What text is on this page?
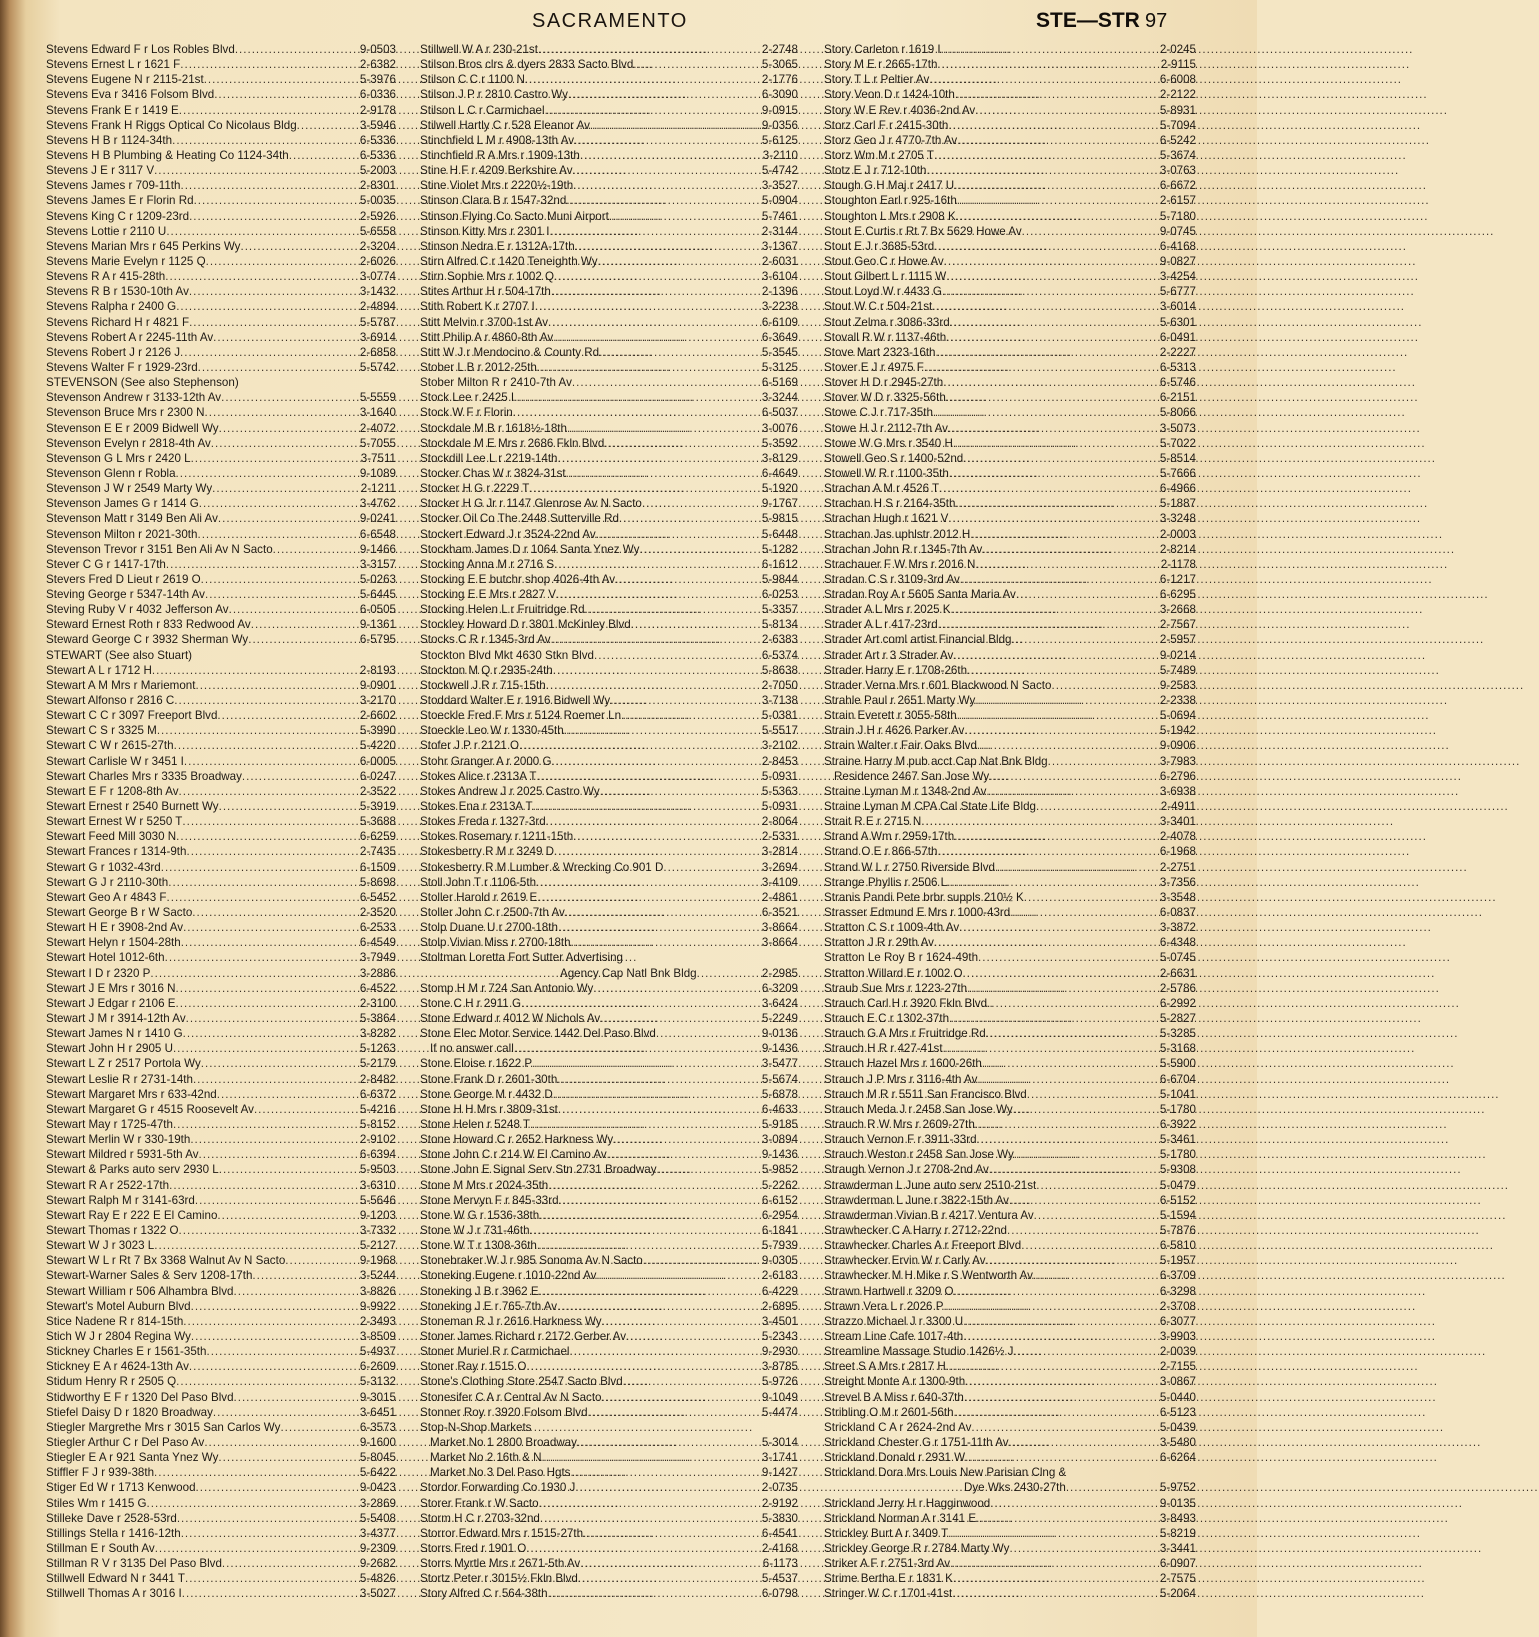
SACRAMENTO	STE—STR 97
Stevens Edward F r Los Robles Blvd .....	9-0503
Stevens Ernest L r 1621 F .....	2-6382
Stevens Eugene N r 2115-21st .....	5-3976
Stevens Eva r 3416 Folsom Blvd .....	6-0336
Stevens Frank E r 1419 E .....	2-9178
Stevens Frank H Riggs Optical Co Nicolaus Bldg .....	3-5946
Stevens H B r 1124-34th .....	6-5336
Stevens H B Plumbing & Heating Co 1124-34th .....	6-5336
Stevens J E r 3117 V .....	5-2003
Stevens James r 709-11th .....	2-8301
Stevens James E r Florin Rd .....	5-0035
Stevens King C r 1209-23rd .....	2-5926
Stevens Lottie r 2110 U .....	5-6558
Stevens Marian Mrs r 645 Perkins Wy .....	2-3204
Stevens Marie Evelyn r 1125 Q .....	2-6026
Stevens R A r 415-28th .....	3-0774
Stevens R B r 1530-10th Av .....	3-1432
Stevens Ralpha r 2400 G .....	2-4894
Stevens Richard H r 4821 F .....	5-5787
Stevens Robert A r 2245-11th Av .....	3-6914
Stevens Robert J r 2126 J .....	2-6858
Stevens Walter F r 1929-23rd .....	5-5742
STEVENSON (See also Stephenson)
Stevenson Andrew r 3133-12th Av .....	5-5559
Stevenson Bruce Mrs r 2300 N .....	3-1640
Stevenson E E r 2009 Bidwell Wy .....	2-4072
Stevenson Evelyn r 2818-4th Av .....	5-7055
Stevenson G L Mrs r 2420 L .....	3-7511
Stevenson Glenn r Robla .....	9-1089
Stevenson J W r 2549 Marty Wy .....	2-1211
Stevenson James G r 1414 G .....	3-4762
Stevenson Matt r 3149 Ben Ali Av .....	9-0241
Stevenson Milton r 2021-30th .....	6-6548
Stevenson Trevor r 3151 Ben Ali Av N Sacto .....	9-1466
Stever C G r 1417-17th .....	3-3157
Stevers Fred D Lieut r 2619 O .....	5-0263
Steving George r 5347-14th Av .....	5-6445
Steving Ruby V r 4032 Jefferson Av .....	6-0505
Steward Ernest Roth r 833 Redwood Av .....	9-1361
Steward George C r 3932 Sherman Wy .....	6-5795
STEWART (See also Stuart)
Stewart A L r 1712 H .....	2-8193
Stewart A M Mrs r Mariemont .....	9-0901
Stewart Alfonso r 2816 C .....	3-2170
Stewart C C r 3097 Freeport Blvd .....	2-6602
Stewart C S r 3325 M .....	5-3990
Stewart C W r 2615-27th .....	5-4220
Stewart Carlisle W r 3451 I .....	6-0005
Stewart Charles Mrs r 3335 Broadway .....	6-0247
Stewart E F r 1208-8th Av .....	2-3522
Stewart Ernest r 2540 Burnett Wy .....	5-3919
Stewart Ernest W r 5250 T .....	5-3688
Stewart Feed Mill 3030 N .....	6-6259
Stewart Frances r 1314-9th .....	2-7435
Stewart G r 1032-43rd .....	6-1509
Stewart G J r 2110-30th .....	5-8698
Stewart Geo A r 4843 F .....	6-5452
Stewart George B r W Sacto .....	2-3520
Stewart H E r 3908-2nd Av .....	6-2533
Stewart Helyn r 1504-28th .....	6-4549
Stewart Hotel 1012-6th .....	3-7949
Stewart I D r 2320 P .....	3-2886
Stewart J E Mrs r 3016 N .....	6-4522
Stewart J Edgar r 2106 E .....	2-3100
Stewart J M r 3914-12th Av .....	5-3864
Stewart James N r 1410 G .....	3-8282
Stewart John H r 2905 U .....	5-1263
Stewart L Z r 2517 Portola Wy .....	5-2179
Stewart Leslie R r 2731-14th .....	2-8482
Stewart Margaret Mrs r 633-42nd .....	6-6372
Stewart Margaret G r 4515 Roosevelt Av .....	5-4216
Stewart May r 1725-47th .....	5-8152
Stewart Merlin W r 330-19th .....	2-9102
Stewart Mildred r 5931-5th Av .....	6-6394
Stewart & Parks auto serv 2930 L .....	5-9503
Stewart R A r 2522-17th .....	3-6310
Stewart Ralph M r 3141-63rd .....	5-5646
Stewart Ray E r 222 E El Camino .....	9-1203
Stewart Thomas r 1322 O .....	3-7332
Stewart W J r 3023 L .....	5-2127
Stewart W L r Rt 7 Bx 3368 Walnut Av N Sacto .....	9-1968
Stewart-Warner Sales & Serv 1208-17th .....	3-5244
Stewart William r 506 Alhambra Blvd .....	3-8826
Stewart's Motel Auburn Blvd .....	9-9922
Stice Nadene R r 814-15th .....	2-3493
Stich W J r 2804 Regina Wy .....	3-8509
Stickney Charles E r 1561-35th .....	5-4937
Stickney E A r 4624-13th Av .....	6-2609
Stidum Henry R r 2505 Q .....	5-3132
Stidworthy E F r 1320 Del Paso Blvd .....	9-3015
Stiefel Daisy D r 1820 Broadway .....	3-6451
Stiegler Margrethe Mrs r 3015 San Carlos Wy .....	6-3573
Stiegler Arthur C r Del Paso Av .....	9-1600
Stiegler E A r 921 Santa Ynez Wy .....	5-8045
Stiffler F J r 939-38th .....	5-6422
Stiger Ed W r 1713 Kenwood .....	9-0423
Stiles Wm r 1415 G .....	3-2869
Stilleke Dave r 2528-53rd .....	5-5408
Stillings Stella r 1416-12th .....	3-4377
Stillman E r South Av .....	9-2309
Stillman R V r 3135 Del Paso Blvd .....	9-2682
Stillwell Edward N r 3441 T .....	5-4826
Stillwell Thomas A r 3016 I .....	3-5027
Stillwell W A r 230-21st .....	2-2748
Stilson Bros clrs & dyers 2833 Sacto Blvd .....	5-3065
Stilson C C r 1100 N .....	2-1776
Stilson J P r 2810 Castro Wy .....	6-3090
Stilson L C r Carmichael .....	9-0915
Stilwell Hartly C r 528 Eleanor Av .....	9-0356
Stinchfield L M r 4908-13th Av .....	5-6125
Stinchfield R A Mrs r 1909-13th .....	3-2110
Stine H F r 4209 Berkshire Av .....	5-4742
Stine Violet Mrs r 2220½-19th .....	3-3527
Stinson Clara B r 1547-32nd .....	5-0904
Stinson Flying Co Sacto Muni Airport .....	5-7461
Stinson Kitty Mrs r 2301 I .....	2-3144
Stinson Nedra E r 1312A-17th .....	3-1367
Stirn Alfred C r 1420 Teneighth Wy .....	2-6031
Stirn Sophie Mrs r 1002 Q .....	3-6104
Stites Arthur H r 504-17th .....	2-1396
Stith Robert K r 2707 I .....	3-2238
Stitt Melvin r 3700-1st Av .....	6-6109
Stitt Philip A r 4860-8th Av .....	6-3649
Stitt W J r Mendocino & County Rd .....	5-3545
Stober L B r 2012-25th .....	5-3125
Stober Milton R r 2410-7th Av .....	6-5169
Stock Lee r 2425 I .....	3-3244
Stock W F r Florin .....	6-5037
Stockdale M B r 1618½-18th .....	3-0076
Stockdale M E Mrs r 2686 Fkln Blvd .....	5-3592
Stockdill Lee L r 2219-14th .....	3-8129
Stocker Chas W r 3824-31st .....	6-4649
Stocker H G r 2229 T .....	5-1920
Stocker H G Jr r 1147 Glenrose Av N Sacto .....	9-1767
Stocker Oil Co The 2448 Sutterville Rd .....	5-9815
Stockert Edward J r 3524-22nd Av .....	5-6448
Stockham James D r 1064 Santa Ynez Wy .....	5-1282
Stocking Anna M r 2716 S .....	6-1612
Stocking E E butchr shop 4026-4th Av .....	5-9844
Stocking E E Mrs r 2827 V .....	6-0253
Stocking Helen L r Fruitridge Rd .....	5-3357
Stockley Howard D r 3801 McKinley Blvd .....	5-8134
Stocks C R r 1345-3rd Av .....	2-6383
Stockton Blvd Mkt 4630 Stkn Blvd .....	6-5374
Stockton M Q r 2935-24th .....	5-8638
Stockwell J R r 715-15th .....	2-7050
Stoddard Walter E r 1916 Bidwell Wy .....	3-7138
Stoeckle Fred F Mrs r 5124 Roemer Ln .....	5-0381
Stoeckle Leo W r 1330-45th .....	5-5517
Stofer J P r 2121 O .....	3-2102
Stohr Granger A r 2000 G .....	2-8453
Stokes Alice r 2313A T .....	5-0931
Stokes Andrew J r 2025 Castro Wy .....	5-5363
Stokes Ena r 2313A T .....	5-0931
Stokes Freda r 1327-3rd .....	2-8064
Stokes Rosemary r 1211-15th .....	2-5331
Stokesberry R M r 3249 D .....	3-2814
Stokesberry R M Lumber & Wrecking Co 901 D .....	3-2694
Stoll John T r 1106-5th .....	3-4109
Stoller Harold r 2619 E .....	2-4861
Stoller John C r 2500-7th Av .....	6-3521
Stolp Duane U r 2700-18th .....	3-8664
Stolp Vivian Miss r 2700-18th .....	3-8664
Stoltman Loretta Fort Sutter Advertising
Agency Cap Natl Bnk Bldg .....	2-2985
Stomp H M r 724 San Antonio Wy .....	6-3209
Stone C H r 2911 G .....	3-6424
Stone Edward r 4012 W Nichols Av .....	5-2249
Stone Elec Motor Service 1442 Del Paso Blvd .....	9-0136
If no answer call .....	9-1436
Stone Eloise r 1622 P .....	3-5477
Stone Frank D r 2601-30th .....	5-5674
Stone George M r 4432 D .....	5-6878
Stone H H Mrs r 3809-31st .....	6-4633
Stone Helen r 5248 T .....	5-9185
Stone Howard C r 2652 Harkness Wy .....	3-0894
Stone John C r 214 W El Camino Av .....	9-1436
Stone John E Signal Serv Stn 2731 Broadway .....	5-9852
Stone M Mrs r 2024-35th .....	5-2262
Stone Mervyn F r 845-33rd .....	6-6152
Stone W G r 1536-38th .....	6-2954
Stone W J r 731-46th .....	6-1841
Stone W T r 1308-36th .....	5-7939
Stonebraker W J r 985 Sonoma Av N Sacto .....	9-0305
Stoneking Eugene r 1010-22nd Av .....	2-6183
Stoneking J B r 3962 E .....	6-4229
Stoneking J E r 765-7th Av .....	2-6895
Stoneman R J r 2616 Harkness Wy .....	3-4501
Stoner James Richard r 2172 Gerber Av .....	5-2343
Stoner Muriel R r Carmichael .....	9-2930
Stoner Ray r 1515 O .....	3-8785
Stone's Clothing Store 2547 Sacto Blvd .....	5-9726
Stonesifer C A r Central Av N Sacto .....	9-1049
Stonner Roy r 3920 Folsom Blvd .....	5-4474
Stop-N-Shop Markets
Market No 1 2800 Broadway .....	5-3014
Market No 2 16th & N .....	3-1741
Market No 3 Del Paso Hgts .....	9-1427
Stordor Forwarding Co 1930 J .....	2-0735
Storer Frank r W Sacto .....	2-9192
Storm H C r 2703-32nd .....	5-3830
Storror Edward Mrs r 1515-27th .....	6-4541
Storrs Fred r 1901 O .....	2-4168
Storrs Myrtle Mrs r 2671-5th Av .....	6-1173
Stortz Peter r 3015½ Fkln Blvd .....	5-4537
Story Alfred C r 564-38th .....	6-0798
Story Carleton r 1619 I .....	2-0245
Story M E r 2665-17th .....	2-9115
Story T L r Peltier Av .....	6-6008
Story Veon D r 1424-10th .....	2-2122
Story W E Rev r 4036-2nd Av .....	5-8931
Storz Carl F r 2415-30th .....	5-7094
Storz Geo J r 4770-7th Av .....	6-5242
Storz Wm M r 2705 T .....	5-3674
Stotz E J r 712-10th .....	3-0763
Stough G H Maj r 2417 U .....	6-6672
Stoughton Earl r 925-16th .....	2-6157
Stoughton L Mrs r 2908 K .....	5-7180
Stout E Curtis r Rt 7 Bx 5629 Howe Av .....	9-0745
Stout E J r 3685-53rd .....	6-4168
Stout Geo C r Howe Av .....	9-0827
Stout Gilbert L r 1115 W .....	3-4254
Stout Loyd W r 4433 G .....	5-6777
Stout W C r 504-21st .....	3-6014
Stout Zelma r 3086-33rd .....	5-6301
Stovall R W r 1137-46th .....	6-0491
Stove Mart 2323-16th .....	2-2227
Stover E J r 4975 F .....	6-5313
Stover H D r 2945-27th .....	6-5746
Stover W D r 3325-56th .....	6-2151
Stowe C J r 717-35th .....	5-8066
Stowe H J r 2112-7th Av .....	3-5073
Stowe W G Mrs r 3540 H .....	5-7022
Stowell Geo S r 1400-52nd .....	5-8514
Stowell W R r 1100-35th .....	5-7666
Strachan A M r 4526 T .....	6-4966
Strachan H S r 2164-35th .....	5-1887
Strachan Hugh r 1621 V .....	3-3248
Strachan Jas uphlstr 2012 H .....	2-0003
Strachan John R r 1345-7th Av .....	2-8214
Strachauer F W Mrs r 2016 N .....	2-1178
Stradan C S r 3109-3rd Av .....	6-1217
Stradan Roy A r 5605 Santa Maria Av .....	6-6295
Strader A L Mrs r 2025 K .....	3-2668
Strader A L r 417-23rd .....	2-7567
Strader Art coml artist Financial Bldg .....	2-5957
Strader Art r 3 Strader Av .....	9-0214
Strader Harry E r 1708-26th .....	5-7489
Strader Verna Mrs r 601 Blackwood N Sacto .....	9-2583
Strahle Paul r 2651 Marty Wy .....	2-2338
Strain Everett r 3055-58th .....	5-0694
Strain J H r 4626 Parker Av .....	5-1942
Strain Walter r Fair Oaks Blvd .....	9-0906
Straine Harry M pub acct Cap Nat Bnk Bldg .....	3-7983
Residence 2467 San Jose Wy .....	6-2796
Straine Lyman M r 1348-2nd Av .....	3-6938
Straine Lyman M CPA Cal State Life Bldg .....	2-4911
Strait R E r 2715 N .....	3-3401
Strand A Wm r 2959-17th .....	2-4078
Strand O E r 866-57th .....	6-1968
Strand W L r 2750 Riverside Blvd .....	2-2751
Strange Phyllis r 2506 L .....	3-7356
Stranis Pandi Pete brbr suppls 210½ K .....	3-3548
Strasser Edmund E Mrs r 1000-43rd .....	6-0837
Stratton C S r 1009-4th Av .....	3-3872
Stratton J R r 29th Av .....	6-4348
Stratton Le Roy B r 1624-49th .....	5-0745
Stratton Willard E r 1002 O .....	2-6631
Straub Sue Mrs r 1223-27th .....	2-5786
Strauch Carl H r 3920 Fkln Blvd .....	6-2992
Strauch E C r 1302-37th .....	5-2827
Strauch G A Mrs r Fruitridge Rd .....	5-3285
Strauch H R r 427-41st .....	5-3168
Strauch Hazel Mrs r 1600-26th .....	5-5900
Strauch J P Mrs r 3116-4th Av .....	6-6704
Strauch M R r 5511 San Francisco Blvd .....	5-1041
Strauch Meda J r 2458 San Jose Wy .....	5-1780
Strauch R W Mrs r 2609-27th .....	6-3922
Strauch Vernon F r 3911-33rd .....	5-3461
Strauch Weston r 2458 San Jose Wy .....	5-1780
Straugh Vernon J r 2708-2nd Av .....	5-9308
Strawderman L June auto serv 2510-21st .....	5-0479
Strawderman L June r 3822-15th Av .....	6-5152
Strawderman Vivian B r 4217 Ventura Av .....	5-1594
Strawhecker C A Harry r 2712-22nd .....	5-7876
Strawhecker Charles A r Freeport Blvd .....	6-5810
Strawhecker Ervin W r Carly Av .....	5-1957
Strawhecker M H Mike r S Wentworth Av .....	6-3709
Strawn Hartwell r 3209 O .....	6-3298
Strawn Vera L r 2026 P .....	2-3708
Strazzo Michael J r 3300 U .....	6-3077
Stream Line Cafe 1017-4th .....	3-9903
Streamline Massage Studio 1426½ J .....	2-0039
Street S A Mrs r 2817 H .....	2-7155
Streight Monte A r 1300-9th .....	3-0867
Strevel B A Miss r 640-37th .....	5-0440
Stribling O M r 2601-56th .....	6-5123
Strickland C A r 2624-2nd Av .....	5-0439
Strickland Chester G r 1751-11th Av .....	3-5480
Strickland Donald r 2931 W .....	6-6264
Strickland Dora Mrs Louis New Parisian Clng &
Dye Wks 2430-27th .....	5-9752
Strickland Jerry H r Hagginwood .....	9-0135
Strickland Norman A r 3141 E .....	3-8493
Strickley Burt A r 3409 T .....	5-8219
Strickley George R r 2784 Marty Wy .....	3-3441
Striker A F r 2751-3rd Av .....	6-0907
Strime Bertha E r 1831 K .....	2-7575
Stringer W C r 1701-41st .....	5-2064
